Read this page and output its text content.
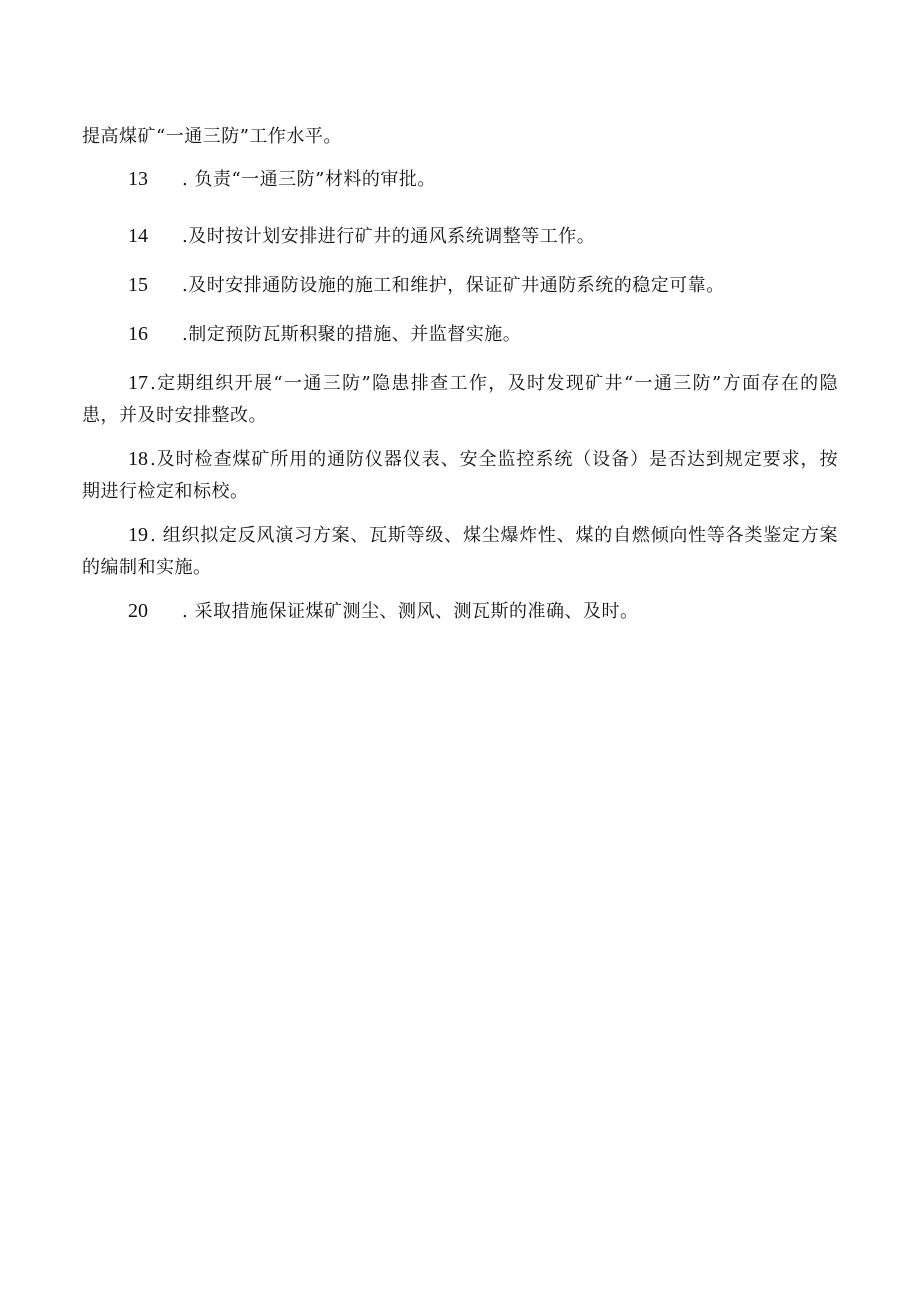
提高煤矿“一通三防”工作水平。

13 . 负责“一通三防”材料的审批。

14 .及时按计划安排进行矿井的通风系统调整等工作。

15 .及时安排通防设施的施工和维护，保证矿井通防系统的稳定可靠。

16 .制定预防瓦斯积聚的措施、并监督实施。

17 .定期组织开展“一通三防”隐患排查工作，及时发现矿井“一通三防”方面存在的隐患，并及时安排整改。

18 .及时检查煤矿所用的通防仪器仪表、安全监控系统（设备）是否达到规定要求，按期进行检定和标校。

19 . 组织拟定反风演习方案、瓦斯等级、煤尘爆炸性、煤的自燃倾向性等各类鉴定方案的编制和实施。

20 . 采取措施保证煤矿测尘、测风、测瓦斯的准确、及时。
